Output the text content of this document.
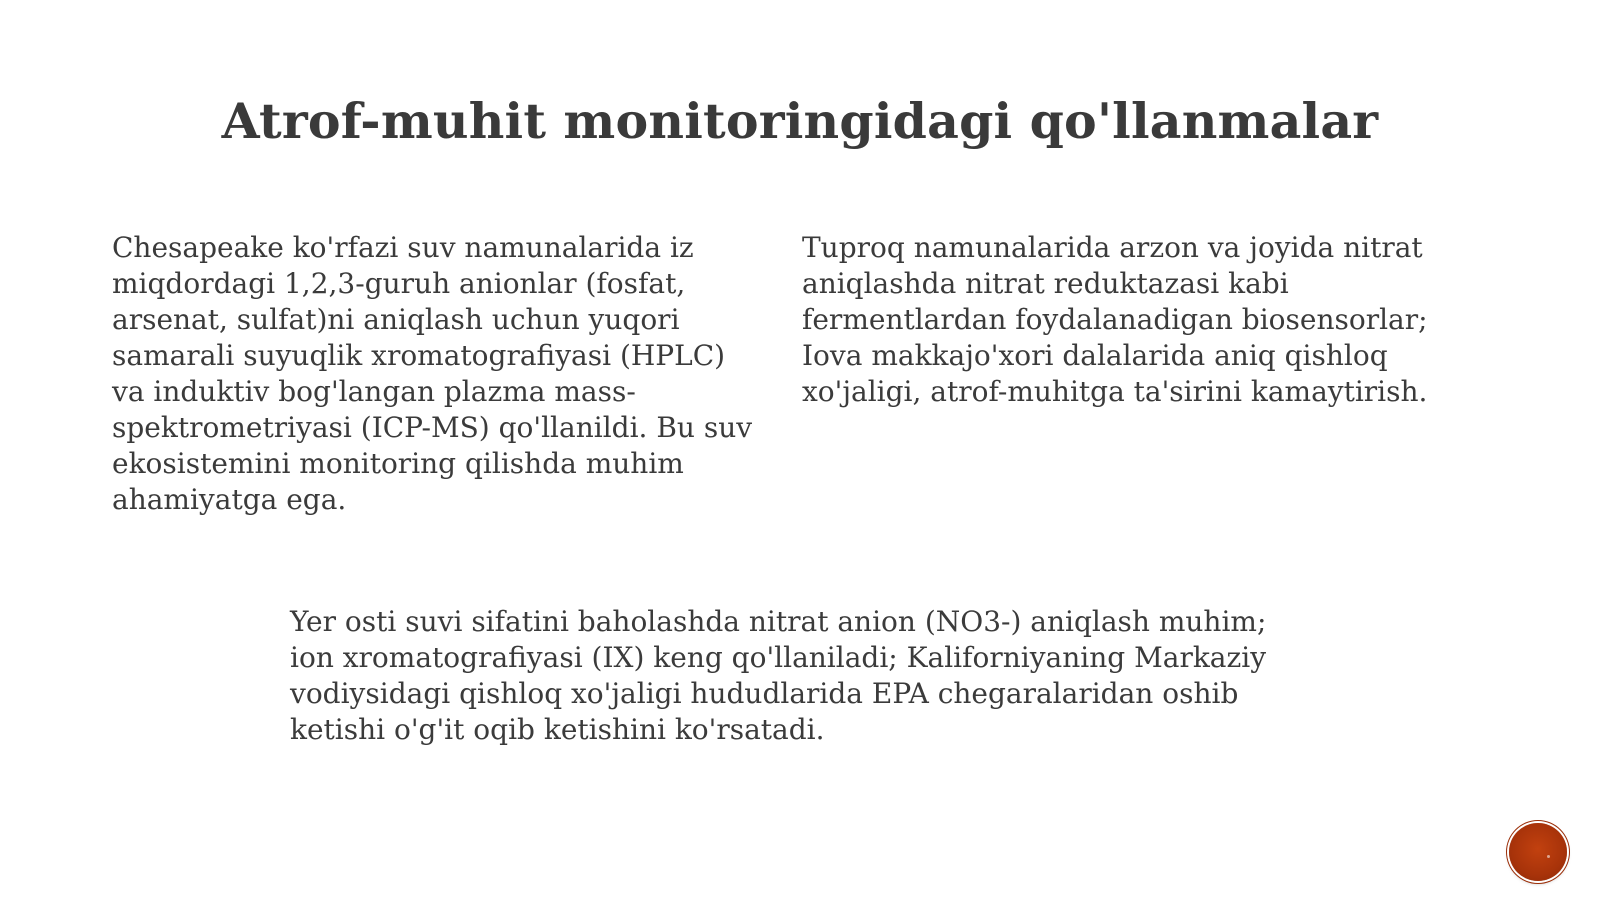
Atrof-muhit monitoringidagi qo'llanmalar
Chesapeake ko'rfazi suv namunalarida iz
miqdordagi 1,2,3-guruh anionlar (fosfat,
arsenat, sulfat)ni aniqlash uchun yuqori
samarali suyuqlik xromatografiyasi (HPLC)
va induktiv bog'langan plazma mass-
spektrometriyasi (ICP-MS) qo'llanildi. Bu suv
ekosistemini monitoring qilishda muhim
ahamiyatga ega.
Tuproq namunalarida arzon va joyida nitrat
aniqlashda nitrat reduktazasi kabi
fermentlardan foydalanadigan biosensorlar;
Iova makkajo'xori dalalarida aniq qishloq
xo'jaligi, atrof-muhitga ta'sirini kamaytirish.
Yer osti suvi sifatini baholashda nitrat anion (NO3-) aniqlash muhim;
ion xromatografiyasi (IX) keng qo'llaniladi; Kaliforniyaning Markaziy
vodiysidagi qishloq xo'jaligi hududlarida EPA chegaralaridan oshib
ketishi o'g'it oqib ketishini ko'rsatadi.
